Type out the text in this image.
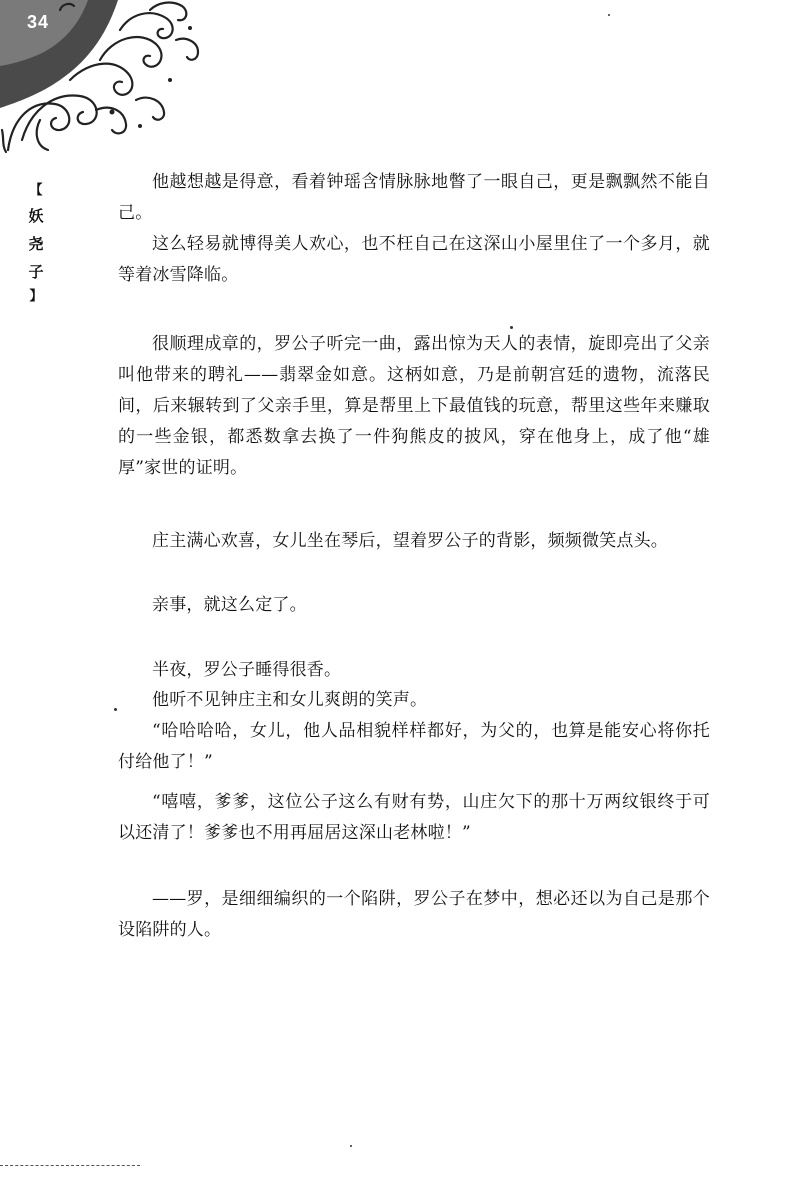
34
【
妖
尧
子
】

他越想越是得意，看着钟瑶含情脉脉地瞥了一眼自己，更是飘飘然不能自己。

这么轻易就博得美人欢心，也不枉自己在这深山小屋里住了一个多月，就等着冰雪降临。

很顺理成章的，罗公子听完一曲，露出惊为天人的表情，旋即亮出了父亲叫他带来的聘礼——翡翠金如意。这柄如意，乃是前朝宫廷的遗物，流落民间，后来辗转到了父亲手里，算是帮里上下最值钱的玩意，帮里这些年来赚取的一些金银，都悉数拿去换了一件狗熊皮的披风，穿在他身上，成了他“雄厚”家世的证明。

庄主满心欢喜，女儿坐在琴后，望着罗公子的背影，频频微笑点头。

亲事，就这么定了。

半夜，罗公子睡得很香。

他听不见钟庄主和女儿爽朗的笑声。

“哈哈哈哈，女儿，他人品相貌样样都好，为父的，也算是能安心将你托付给他了！”

“嘻嘻，爹爹，这位公子这么有财有势，山庄欠下的那十万两纹银终于可以还清了！爹爹也不用再屈居这深山老林啦！”

——罗，是细细编织的一个陷阱，罗公子在梦中，想必还以为自己是那个设陷阱的人。
